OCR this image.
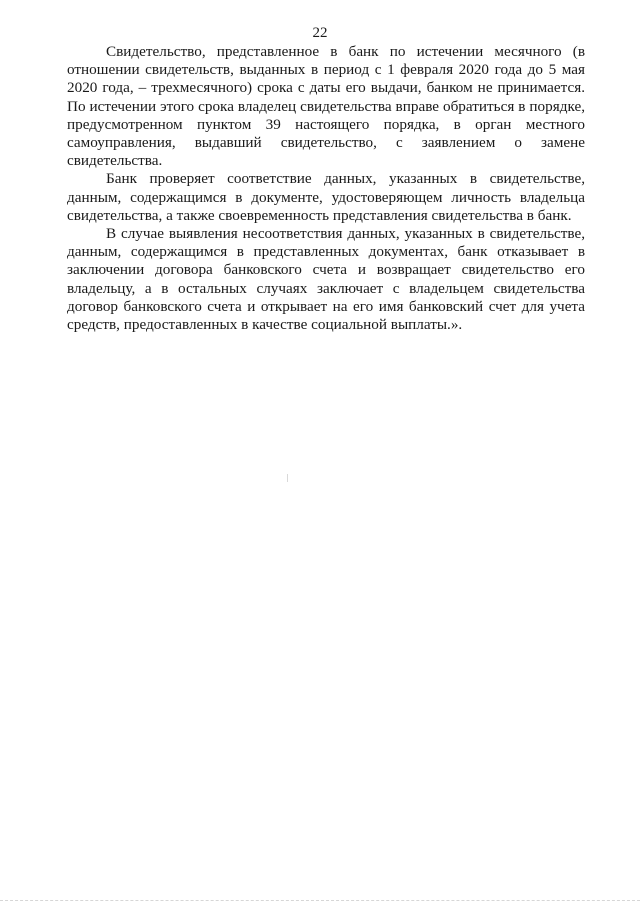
22

Свидетельство, представленное в банк по истечении месячного (в отношении свидетельств, выданных в период с 1 февраля 2020 года до 5 мая 2020 года, – трехмесячного) срока с даты его выдачи, банком не принимается. По истечении этого срока владелец свидетельства вправе обратиться в порядке, предусмотренном пунктом 39 настоящего порядка, в орган местного самоуправления, выдавший свидетельство, с заявлением о замене свидетельства.

Банк проверяет соответствие данных, указанных в свидетельстве, данным, содержащимся в документе, удостоверяющем личность владельца свидетельства, а также своевременность представления свидетельства в банк.

В случае выявления несоответствия данных, указанных в свидетельстве, данным, содержащимся в представленных документах, банк отказывает в заключении договора банковского счета и возвращает свидетельство его владельцу, а в остальных случаях заключает с владельцем свидетельства договор банковского счета и открывает на его имя банковский счет для учета средств, предоставленных в качестве социальной выплаты.».
